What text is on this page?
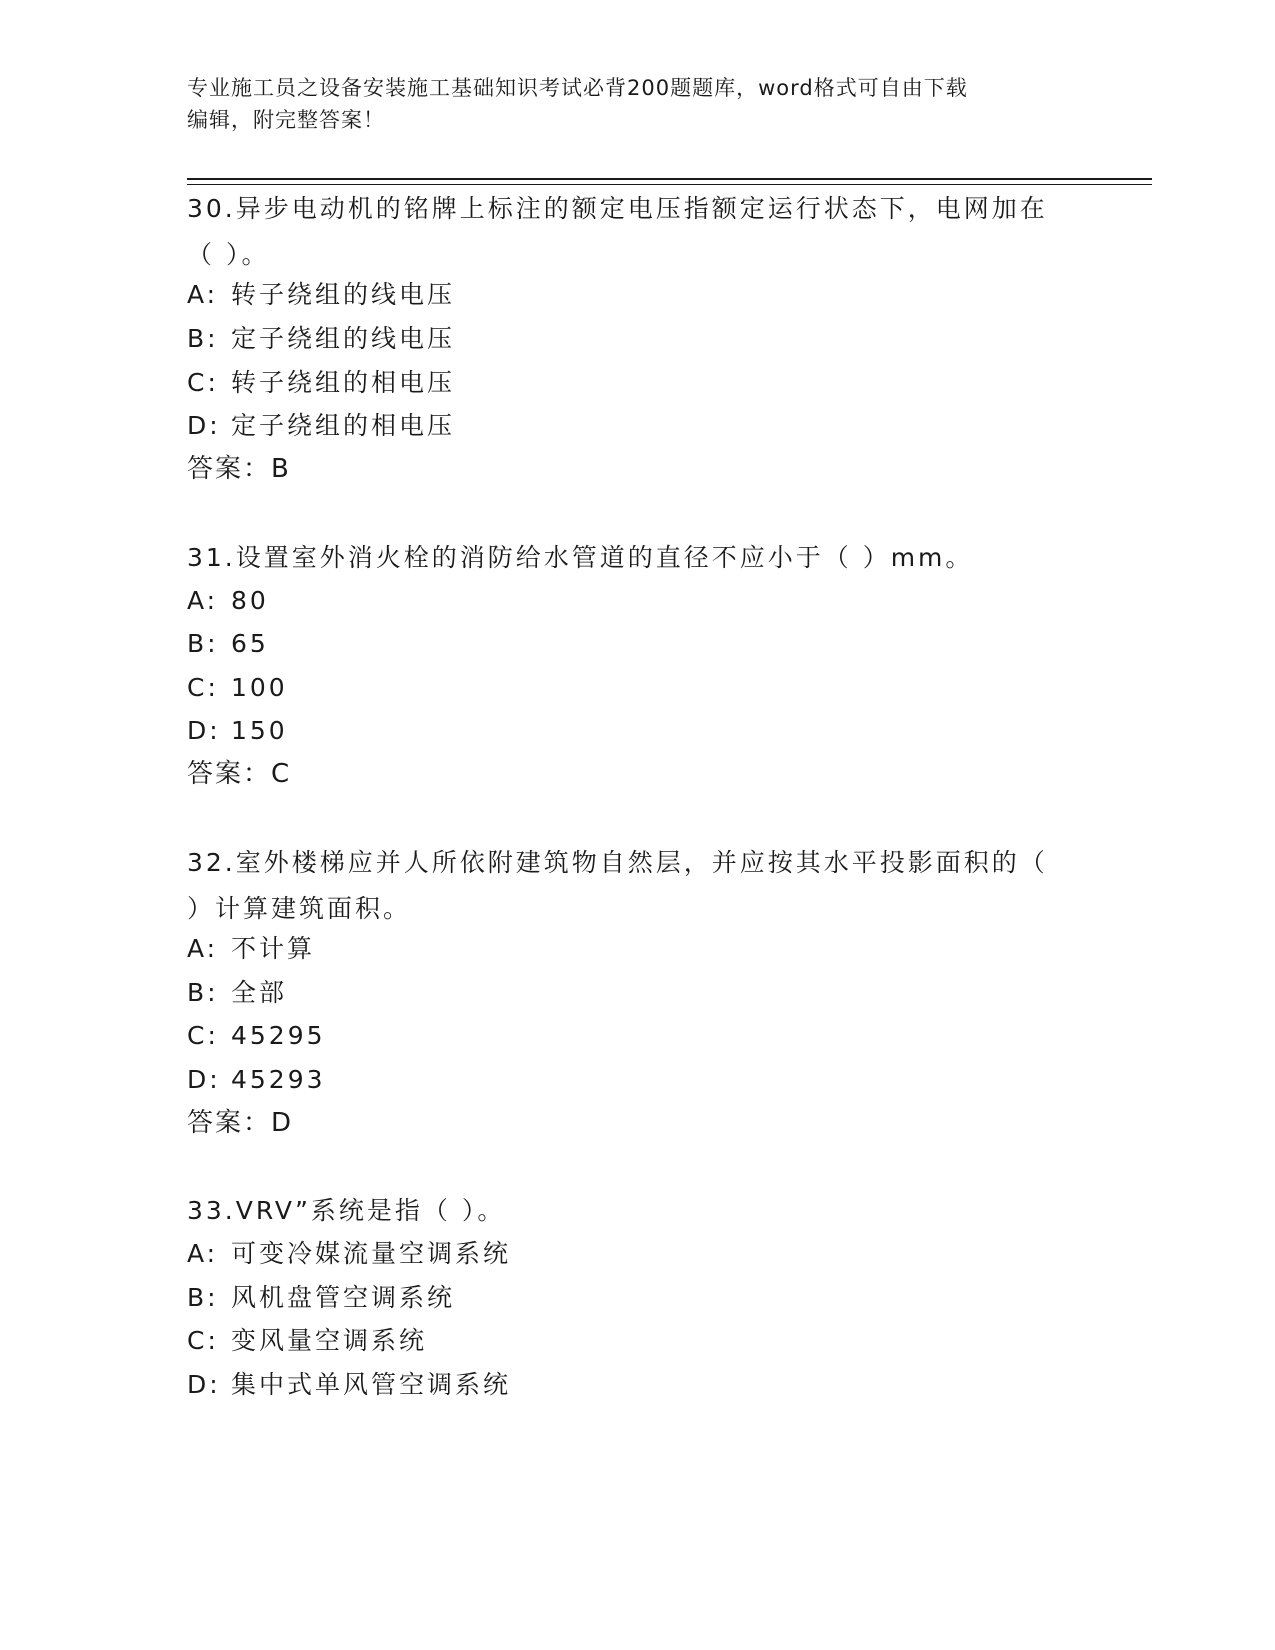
专业施工员之设备安装施工基础知识考试必背200题题库，word格式可自由下载
编辑，附完整答案！
30.异步电动机的铭牌上标注的额定电压指额定运行状态下，电网加在
（ ）。
A: 转子绕组的线电压
B: 定子绕组的线电压
C: 转子绕组的相电压
D: 定子绕组的相电压
答案：B
31.设置室外消火栓的消防给水管道的直径不应小于（ ）mm。
A: 80
B: 65
C: 100
D: 150
答案：C
32.室外楼梯应并人所依附建筑物自然层，并应按其水平投影面积的（
）计算建筑面积。
A: 不计算
B: 全部
C: 45295
D: 45293
答案：D
33.VRV”系统是指（ ）。
A: 可变冷媒流量空调系统
B: 风机盘管空调系统
C: 变风量空调系统
D: 集中式单风管空调系统
